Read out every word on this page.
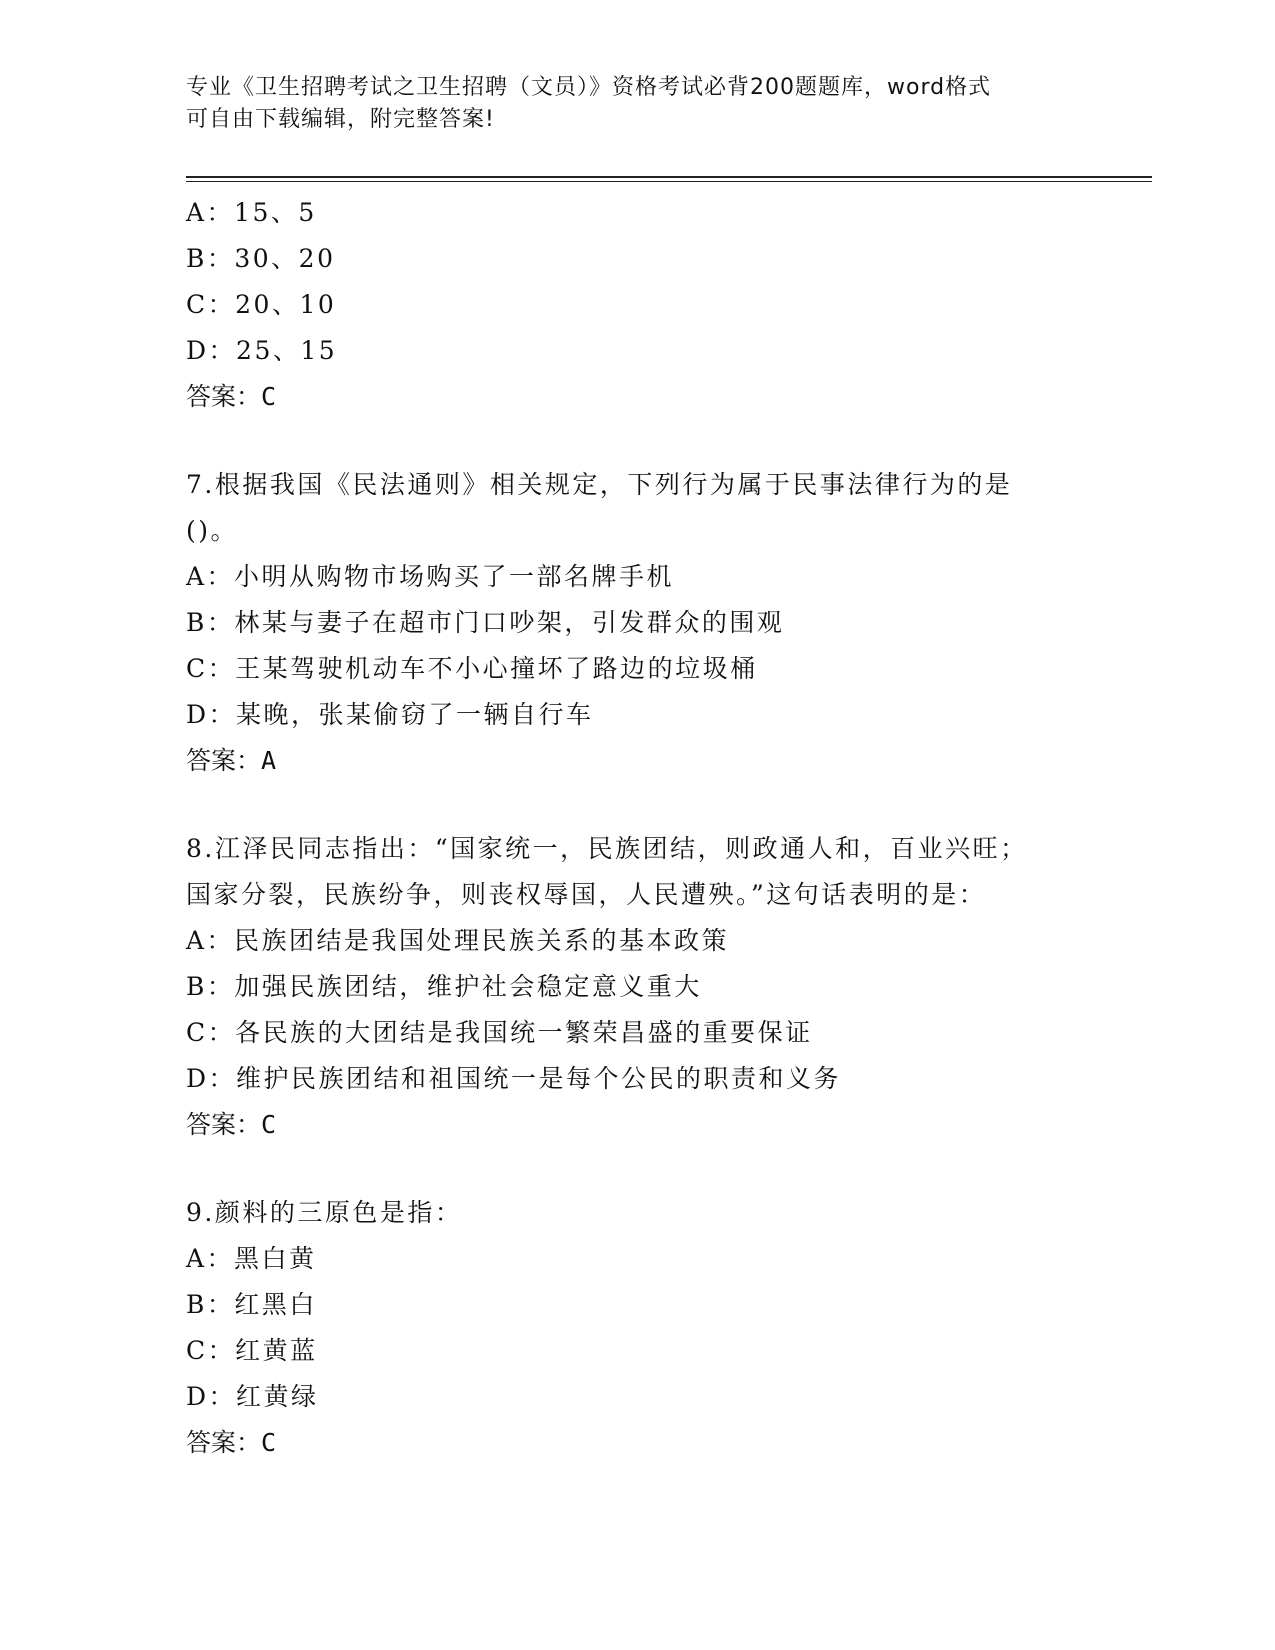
专业《卫生招聘考试之卫生招聘（文员）》资格考试必背200题题库，word格式
可自由下载编辑，附完整答案!
A：15、5
B：30、20
C：20、10
D：25、15
答案：C
7.根据我国《民法通则》相关规定，下列行为属于民事法律行为的是
()。
A：小明从购物市场购买了一部名牌手机
B：林某与妻子在超市门口吵架，引发群众的围观
C：王某驾驶机动车不小心撞坏了路边的垃圾桶
D：某晚，张某偷窃了一辆自行车
答案：A
8.江泽民同志指出：“国家统一，民族团结，则政通人和，百业兴旺；
国家分裂，民族纷争，则丧权辱国，人民遭殃。”这句话表明的是：
A：民族团结是我国处理民族关系的基本政策
B：加强民族团结，维护社会稳定意义重大
C：各民族的大团结是我国统一繁荣昌盛的重要保证
D：维护民族团结和祖国统一是每个公民的职责和义务
答案：C
9.颜料的三原色是指：
A：黑白黄
B：红黑白
C：红黄蓝
D：红黄绿
答案：C
